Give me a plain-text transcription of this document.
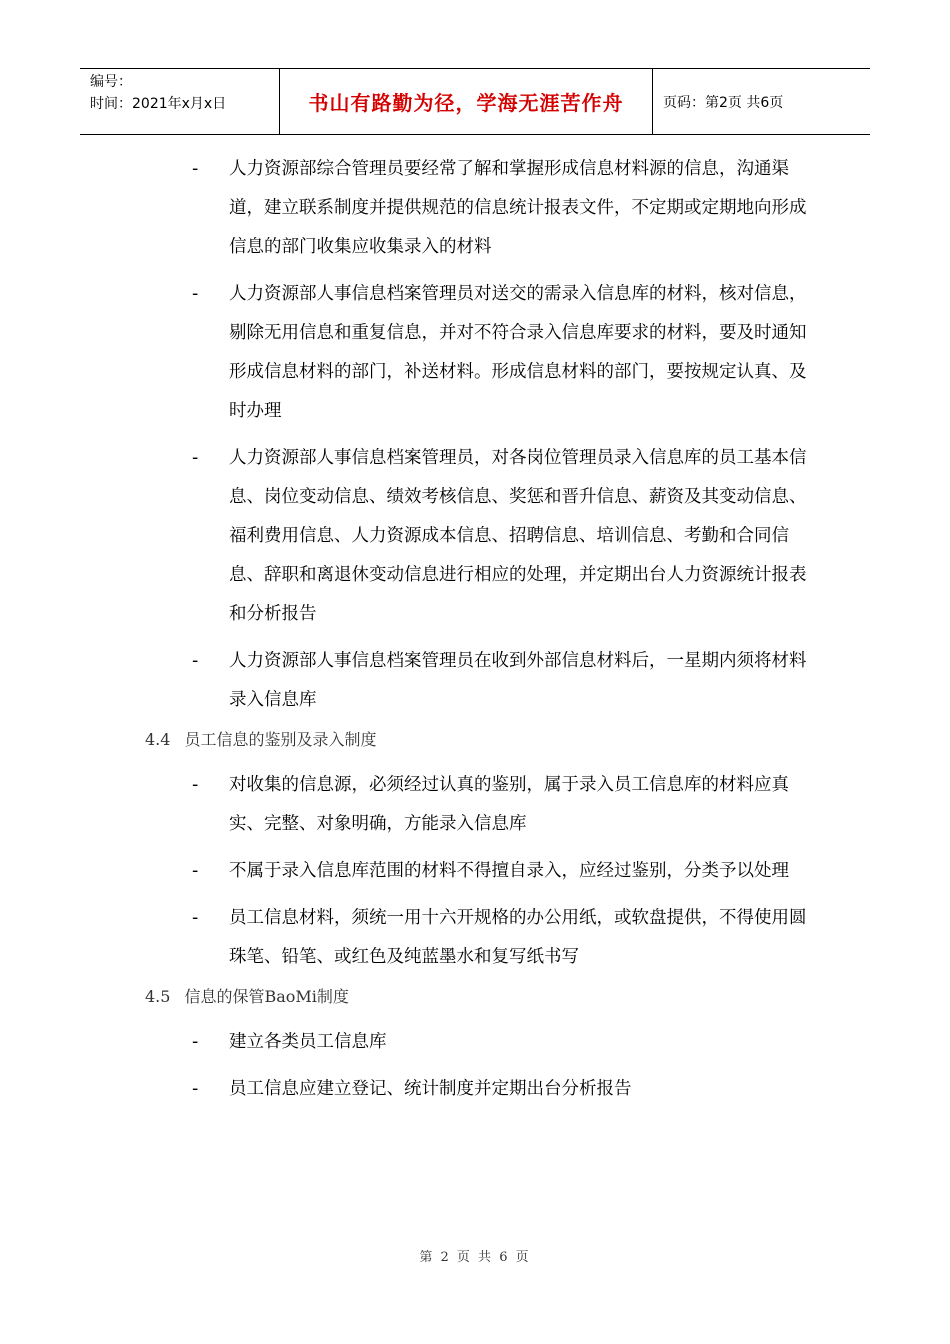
编号：
时间：2021年x月x日	书山有路勤为径，学海无涯苦作舟	页码：第2页 共6页
- 人力资源部综合管理员要经常了解和掌握形成信息材料源的信息，沟通渠道，建立联系制度并提供规范的信息统计报表文件，不定期或定期地向形成信息的部门收集应收集录入的材料
- 人力资源部人事信息档案管理员对送交的需录入信息库的材料，核对信息，剔除无用信息和重复信息，并对不符合录入信息库要求的材料，要及时通知形成信息材料的部门，补送材料。形成信息材料的部门，要按规定认真、及时办理
- 人力资源部人事信息档案管理员，对各岗位管理员录入信息库的员工基本信息、岗位变动信息、绩效考核信息、奖惩和晋升信息、薪资及其变动信息、福利费用信息、人力资源成本信息、招聘信息、培训信息、考勤和合同信息、辞职和离退休变动信息进行相应的处理，并定期出台人力资源统计报表和分析报告
- 人力资源部人事信息档案管理员在收到外部信息材料后，一星期内须将材料录入信息库
4.4 员工信息的鉴别及录入制度
- 对收集的信息源，必须经过认真的鉴别，属于录入员工信息库的材料应真实、完整、对象明确，方能录入信息库
- 不属于录入信息库范围的材料不得擅自录入，应经过鉴别，分类予以处理
- 员工信息材料，须统一用十六开规格的办公用纸，或软盘提供，不得使用圆珠笔、铅笔、或红色及纯蓝墨水和复写纸书写
4.5 信息的保管BaoMi制度
- 建立各类员工信息库
- 员工信息应建立登记、统计制度并定期出台分析报告
第 2 页 共 6 页
